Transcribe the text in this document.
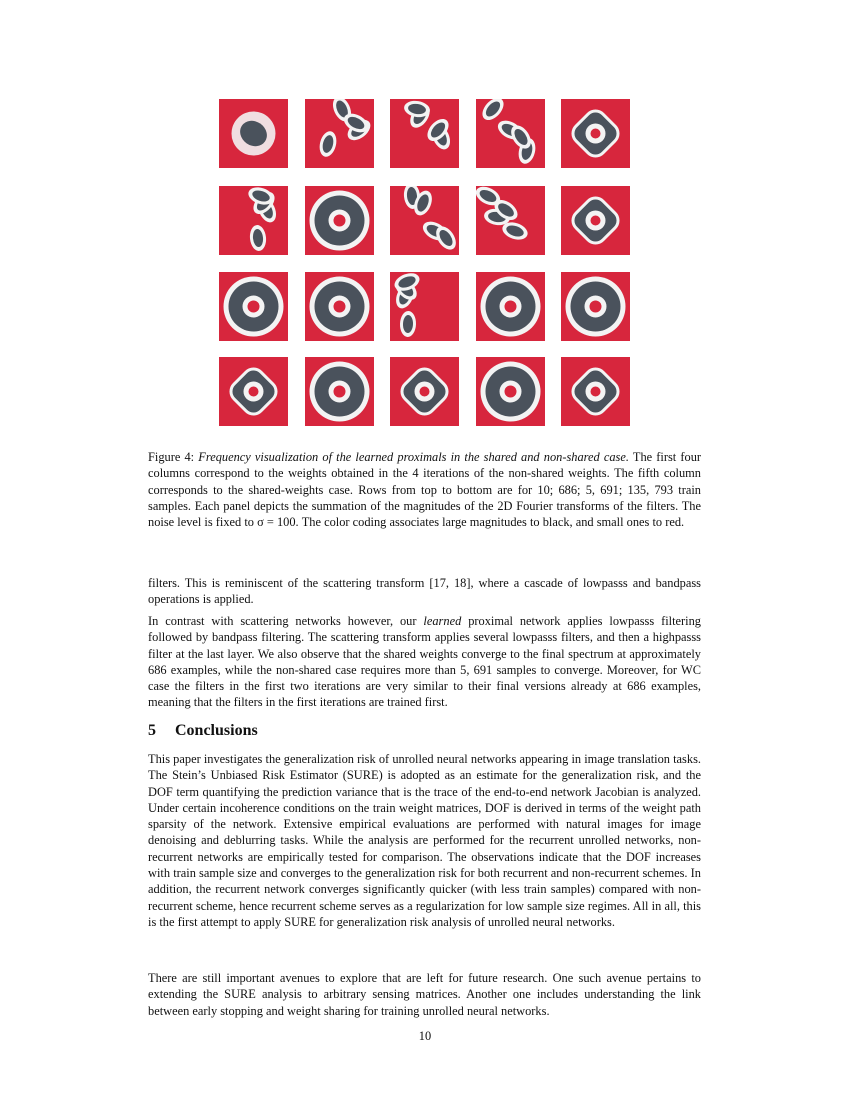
Figure 4: Frequency visualization of the learned proximals in the shared and non-shared case. The first four columns correspond to the weights obtained in the 4 iterations of the non-shared weights. The fifth column corresponds to the shared-weights case. Rows from top to bottom are for 10; 686; 5, 691; 135, 793 train samples. Each panel depicts the summation of the magnitudes of the 2D Fourier transforms of the filters. The noise level is fixed to σ = 100. The color coding associates large magnitudes to black, and small ones to red.

filters. This is reminiscent of the scattering transform [17, 18], where a cascade of lowpasss and bandpass operations is applied.

In contrast with scattering networks however, our learned proximal network applies lowpasss filtering followed by bandpass filtering. The scattering transform applies several lowpasss filters, and then a highpasss filter at the last layer. We also observe that the shared weights converge to the final spectrum at approximately 686 examples, while the non-shared case requires more than 5, 691 samples to converge. Moreover, for WC case the filters in the first two iterations are very similar to their final versions already at 686 examples, meaning that the filters in the first iterations are trained first.

5 Conclusions

This paper investigates the generalization risk of unrolled neural networks appearing in image translation tasks. The Stein’s Unbiased Risk Estimator (SURE) is adopted as an estimate for the generalization risk, and the DOF term quantifying the prediction variance that is the trace of the end-to-end network Jacobian is analyzed. Under certain incoherence conditions on the train weight matrices, DOF is derived in terms of the weight path sparsity of the network. Extensive empirical evaluations are performed with natural images for image denoising and deblurring tasks. While the analysis are performed for the recurrent unrolled networks, non-recurrent networks are empirically tested for comparison. The observations indicate that the DOF increases with train sample size and converges to the generalization risk for both recurrent and non-recurrent schemes. In addition, the recurrent network converges significantly quicker (with less train samples) compared with non-recurrent scheme, hence recurrent scheme serves as a regularization for low sample size regimes. All in all, this is the first attempt to apply SURE for generalization risk analysis of unrolled neural networks.

There are still important avenues to explore that are left for future research. One such avenue pertains to extending the SURE analysis to arbitrary sensing matrices. Another one includes understanding the link between early stopping and weight sharing for training unrolled neural networks.

10
